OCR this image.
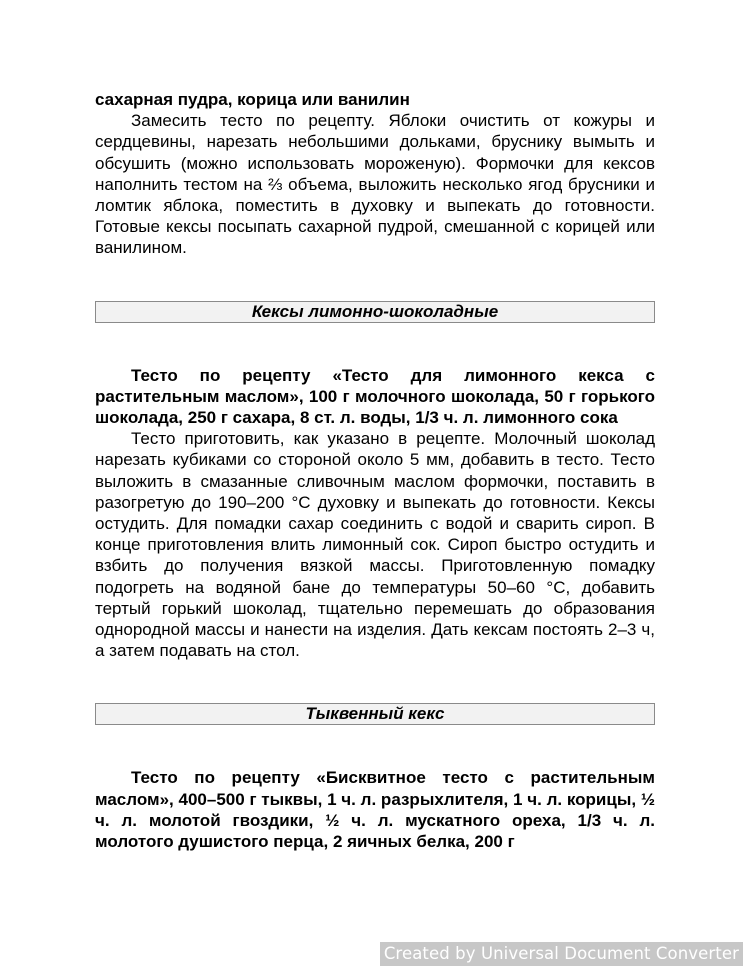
сахарная пудра, корица или ванилин

Замесить тесто по рецепту. Яблоки очистить от кожуры и сердцевины, нарезать небольшими дольками, бруснику вымыть и обсушить (можно использовать мороженую). Формочки для кексов наполнить тестом на ⅔ объема, выложить несколько ягод брусники и ломтик яблока, поместить в духовку и выпекать до готовности. Готовые кексы посыпать сахарной пудрой, смешанной с корицей или ванилином.

Кексы лимонно-шоколадные

Тесто по рецепту «Тесто для лимонного кекса с растительным маслом», 100 г молочного шоколада, 50 г горького шоколада, 250 г сахара, 8 ст. л. воды, 1/3 ч. л. лимонного сока

Тесто приготовить, как указано в рецепте. Молочный шоколад нарезать кубиками со стороной около 5 мм, добавить в тесто. Тесто выложить в смазанные сливочным маслом формочки, поставить в разогретую до 190–200 °С духовку и выпекать до готовности. Кексы остудить. Для помадки сахар соединить с водой и сварить сироп. В конце приготовления влить лимонный сок. Сироп быстро остудить и взбить до получения вязкой массы. Приготовленную помадку подогреть на водяной бане до температуры 50–60 °С, добавить тертый горький шоколад, тщательно перемешать до образования однородной массы и нанести на изделия. Дать кексам постоять 2–3 ч, а затем подавать на стол.

Тыквенный кекс

Тесто по рецепту «Бисквитное тесто с растительным маслом», 400–500 г тыквы, 1 ч. л. разрыхлителя, 1 ч. л. корицы, ½ ч. л. молотой гвоздики, ½ ч. л. мускатного ореха, 1/3 ч. л. молотого душистого перца, 2 яичных белка, 200 г

Created by Universal Document Converter
